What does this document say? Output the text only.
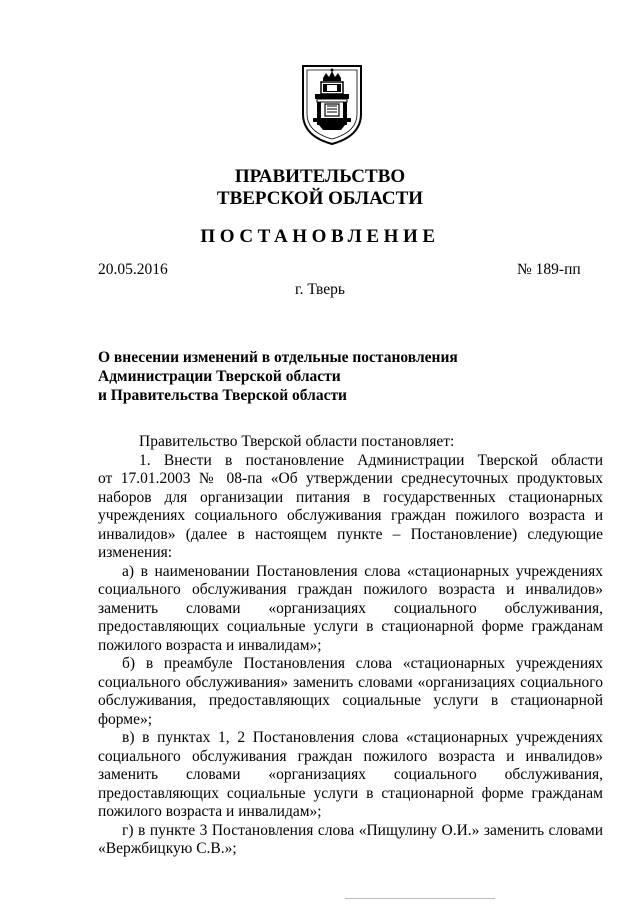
ПРАВИТЕЛЬСТВО
ТВЕРСКОЙ ОБЛАСТИ
ПОСТАНОВЛЕНИЕ
20.05.2016	№ 189-пп
г. Тверь
О внесении изменений в отдельные постановления
Администрации Тверской области
и Правительства Тверской области
Правительство Тверской области постановляет:
1. Внести в постановление Администрации Тверской области
от 17.01.2003 № 08-па «Об утверждении среднесуточных продуктовых
наборов для организации питания в государственных стационарных
учреждениях социального обслуживания граждан пожилого возраста и
инвалидов» (далее в настоящем пункте – Постановление) следующие
изменения:
а) в наименовании Постановления слова «стационарных учреждениях
социального обслуживания граждан пожилого возраста и инвалидов»
заменить словами «организациях социального обслуживания,
предоставляющих социальные услуги в стационарной форме гражданам
пожилого возраста и инвалидам»;
б) в преамбуле Постановления слова «стационарных учреждениях
социального обслуживания» заменить словами «организациях социального
обслуживания, предоставляющих социальные услуги в стационарной
форме»;
в) в пунктах 1, 2 Постановления слова «стационарных учреждениях
социального обслуживания граждан пожилого возраста и инвалидов»
заменить словами «организациях социального обслуживания,
предоставляющих социальные услуги в стационарной форме гражданам
пожилого возраста и инвалидам»;
г) в пункте 3 Постановления слова «Пищулину О.И.» заменить словами
«Вержбицкую С.В.»;
